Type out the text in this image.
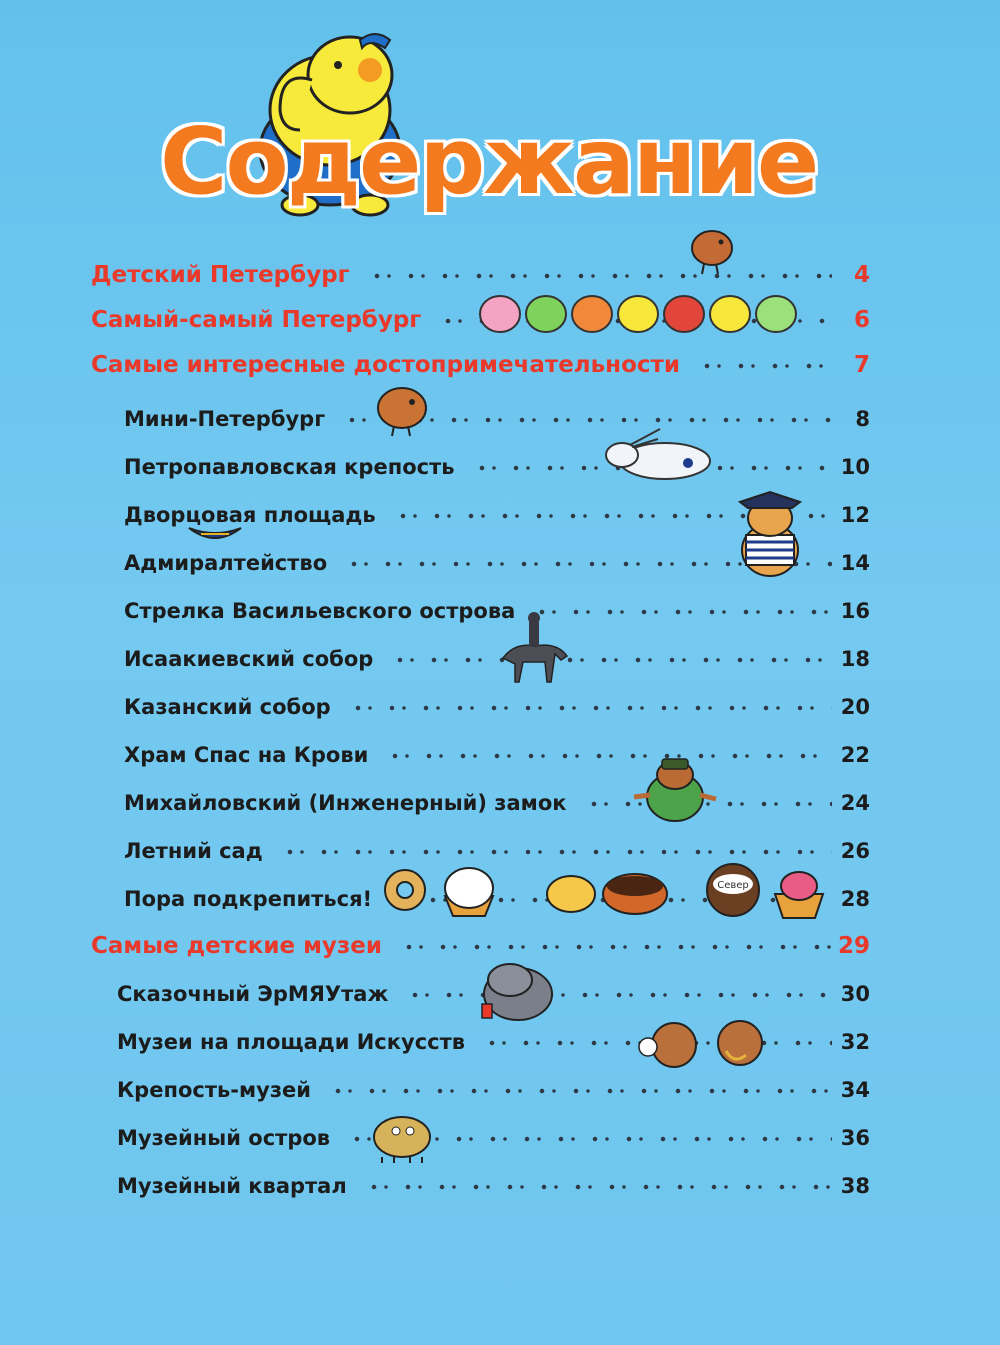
Содержание
Детский Петербург	4
Самый-самый Петербург	6
Самые интересные достопримечательности	7
Мини-Петербург	8
Петропавловская крепость	10
Дворцовая площадь	12
Адмиралтейство	14
Стрелка Васильевского острова	16
Исаакиевский собор	18
Казанский собор	20
Храм Спас на Крови	22
Михайловский (Инженерный) замок	24
Летний сад	26
Пора подкрепиться!	28
Самые детские музеи	29
Сказочный ЭрМЯУтаж	30
Музеи на площади Искусств	32
Крепость-музей	34
Музейный остров	36
Музейный квартал	38
Север
